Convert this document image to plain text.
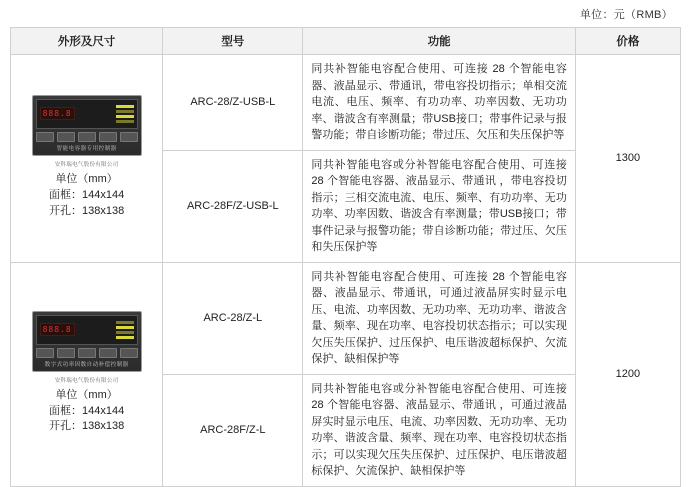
单位：元（RMB）
外形及尺寸	型号	功能	价格

888.8
智能电容器专用控制器
安科瑞电气股份有限公司
单位（mm）
面框：144x144
开孔：138x138
	ARC-28/Z-USB-L	同共补智能电容配合使用、可连接 28 个智能电容器、液晶显示、带通讯，带电容投切指示；单相交流电流、电压、频率、有功功率、功率因数、无功功率、谐波含有率测量；带USB接口；带事件记录与报警功能；带自诊断功能；带过压、欠压和失压保护等	1300
	ARC-28F/Z-USB-L	同共补智能电容或分补智能电容配合使用、可连接 28 个智能电容器、液晶显示、带通讯 ，带电容投切指示；三相交流电流、电压、频率、有功功率、无功功率、功率因数、谐波含有率测量；带USB接口；带事件记录与报警功能；带自诊断功能；带过压、欠压和失压保护等	

888.8
数字式功率因数自动补偿控制器
安科瑞电气股份有限公司
单位（mm）
面框：144x144
开孔：138x138
	ARC-28/Z-L	同共补智能电容配合使用、可连接 28 个智能电容器、液晶显示、带通讯，可通过液晶屏实时显示电压、电流、功率因数、无功功率、无功功率、谐波含量、频率、现在功率、电容投切状态指示；可以实现欠压失压保护、过压保护、电压谐波超标保护、欠流保护、缺相保护等	1200
	ARC-28F/Z-L	同共补智能电容或分补智能电容配合使用、可连接 28 个智能电容器、液晶显示、带通讯 ，可通过液晶屏实时显示电压、电流、功率因数、无功功率、无功功率、谐波含量、频率、现在功率、电容投切状态指示；可以实现欠压失压保护、过压保护、电压谐波超标保护、欠流保护、缺相保护等	
